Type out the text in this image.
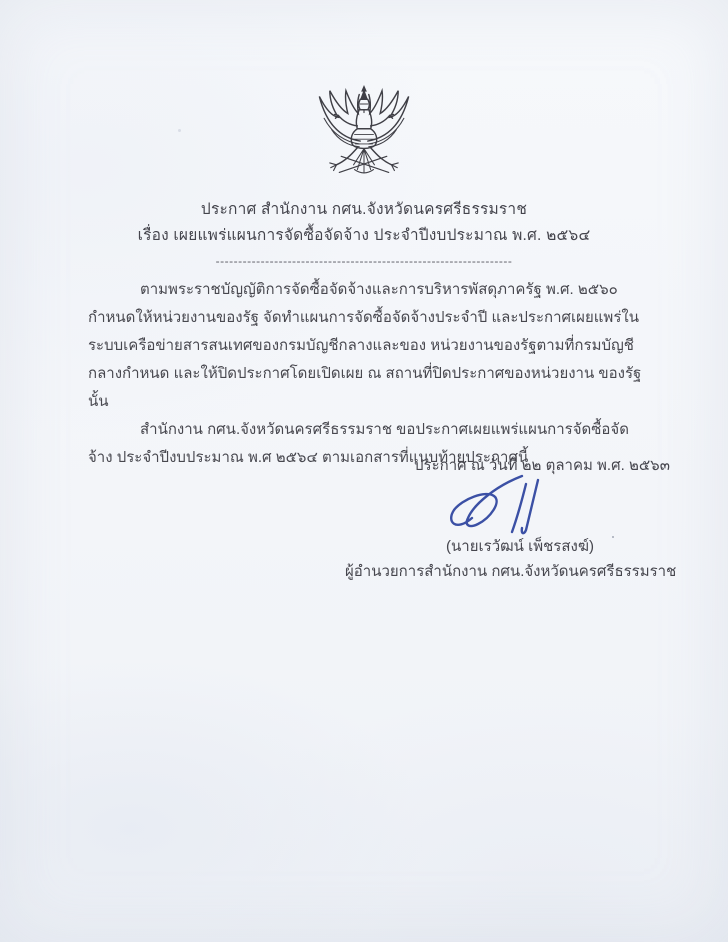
ประกาศ สำนักงาน กศน.จังหวัดนครศรีธรรมราช
เรื่อง เผยแพร่แผนการจัดซื้อจัดจ้าง ประจำปีงบประมาณ พ.ศ. ๒๕๖๔
------------------------------------------------------------------

ตามพระราชบัญญัติการจัดซื้อจัดจ้างและการบริหารพัสดุภาครัฐ พ.ศ. ๒๕๖๐ กำหนดให้หน่วยงานของรัฐ จัดทำแผนการจัดซื้อจัดจ้างประจำปี และประกาศเผยแพร่ในระบบเครือข่ายสารสนเทศของกรมบัญชีกลางและของ หน่วยงานของรัฐตามที่กรมบัญชีกลางกำหนด และให้ปิดประกาศโดยเปิดเผย ณ สถานที่ปิดประกาศของหน่วยงาน ของรัฐ นั้น

สำนักงาน กศน.จังหวัดนครศรีธรรมราช ขอประกาศเผยแพร่แผนการจัดซื้อจัดจ้าง ประจำปีงบประมาณ พ.ศ ๒๕๖๔ ตามเอกสารที่แนบท้ายประกาศนี้

ประกาศ ณ วันที่ ๒๒ ตุลาคม พ.ศ. ๒๕๖๓
(นายเรวัฒน์ เพ็ชรสงฆ์)
ผู้อำนวยการสำนักงาน กศน.จังหวัดนครศรีธรรมราช
